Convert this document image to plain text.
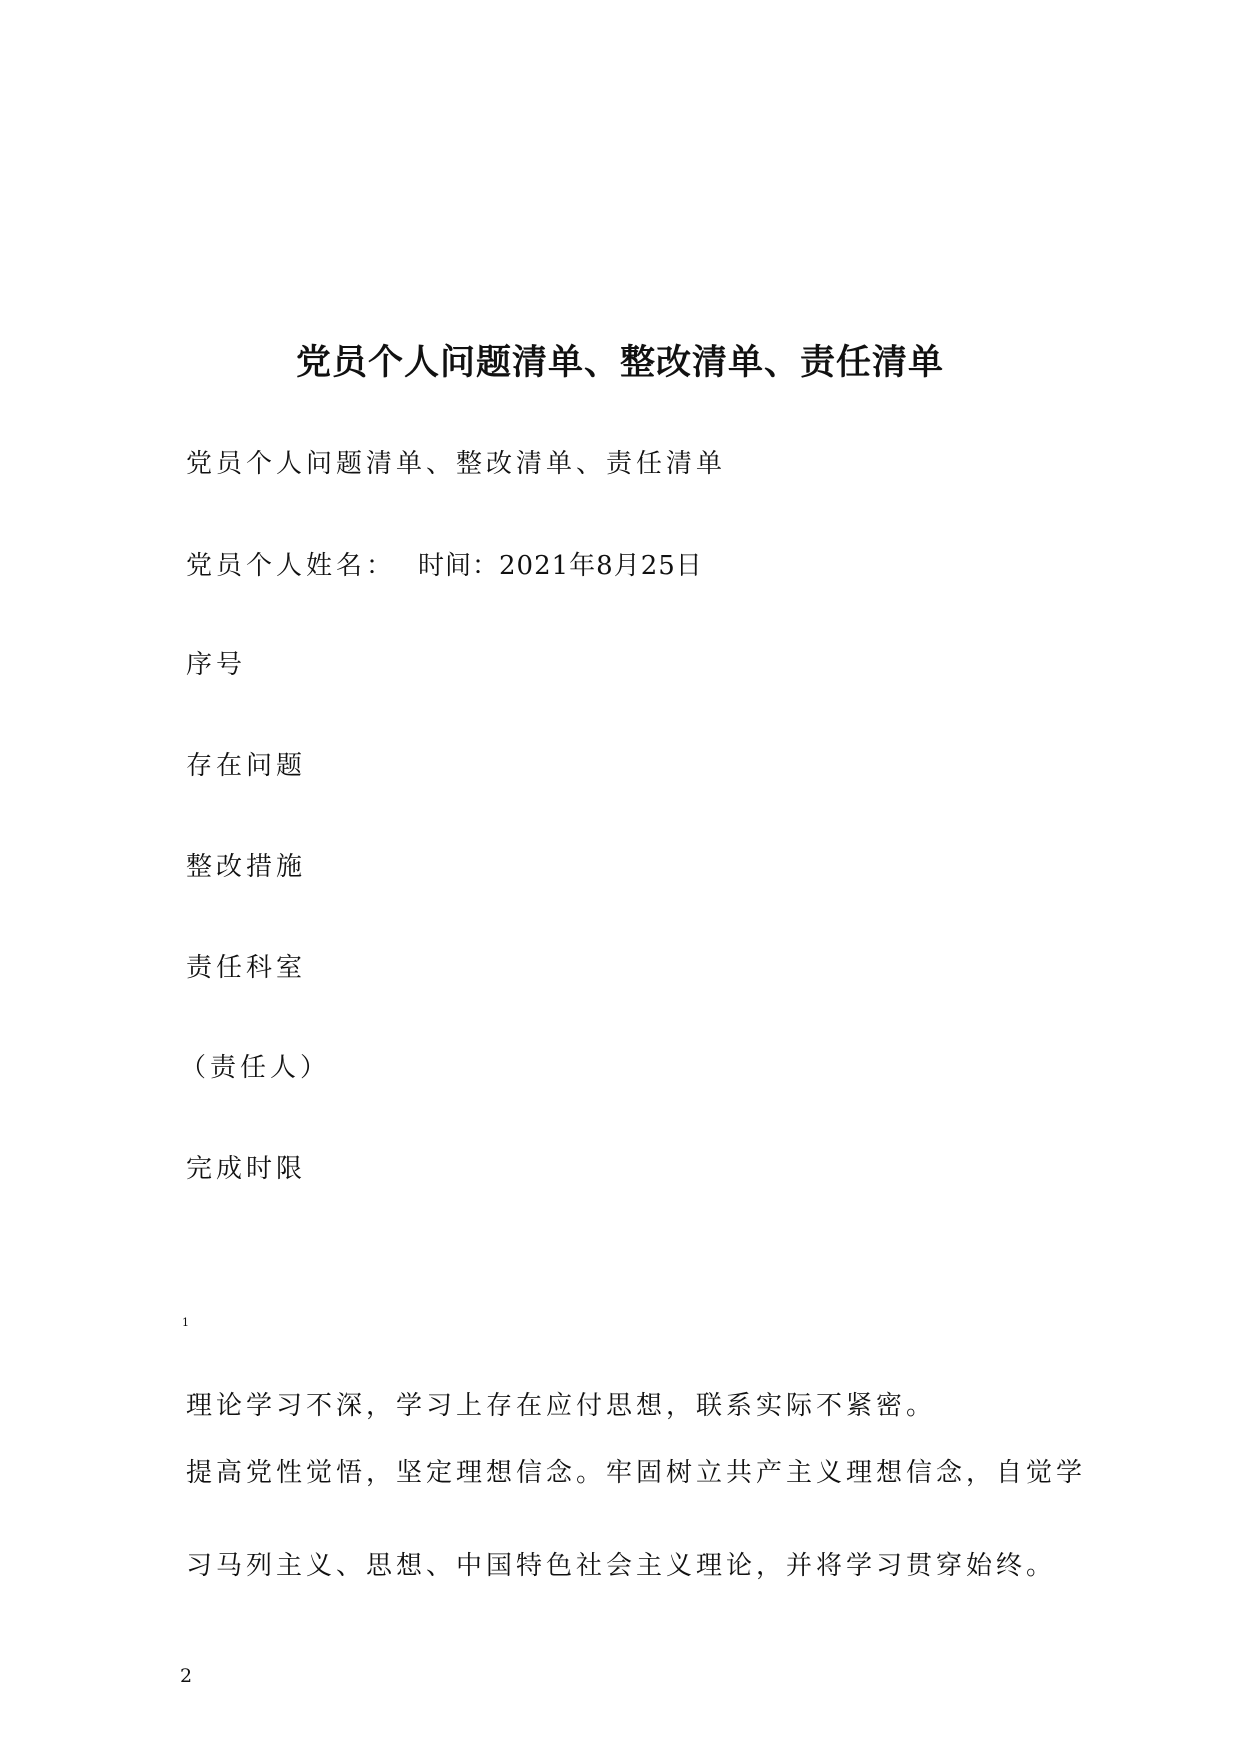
党员个人问题清单、整改清单、责任清单
党员个人问题清单、整改清单、责任清单
党员个人姓名： 时间：2021年8月25日
序号
存在问题
整改措施
责任科室
（责任人）
完成时限
1
理论学习不深，学习上存在应付思想，联系实际不紧密。
提高党性觉悟，坚定理想信念。牢固树立共产主义理想信念，自觉学
习马列主义、思想、中国特色社会主义理论，并将学习贯穿始终。
2
